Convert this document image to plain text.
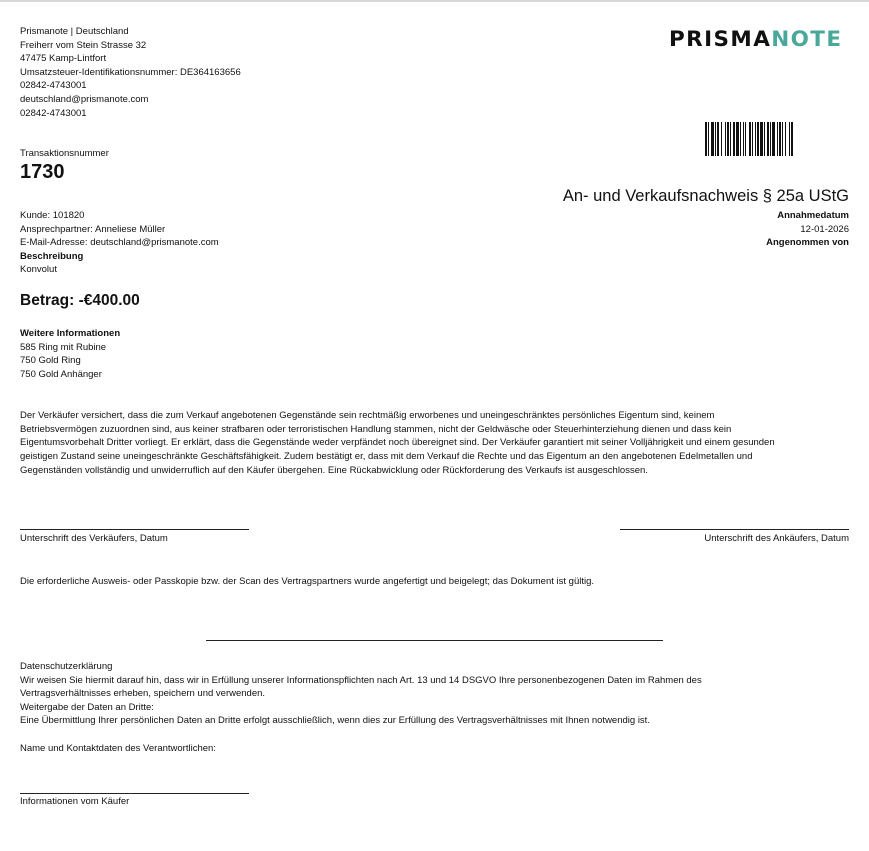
Prismanote | Deutschland
Freiherr vom Stein Strasse 32
47475 Kamp-Lintfort
Umsatzsteuer-Identifikationsnummer: DE364163656
02842-4743001
deutschland@prismanote.com
02842-4743001
PRISMANOTE
Transaktionsnummer
1730
An- und Verkaufsnachweis § 25a UStG
Annahmedatum
12-01-2026
Angenommen von
Kunde: 101820
Ansprechpartner: Anneliese Müller
E-Mail-Adresse: deutschland@prismanote.com
Beschreibung
Konvolut
Betrag: -€400.00
Weitere Informationen
585 Ring mit Rubine
750 Gold Ring
750 Gold Anhänger
Der Verkäufer versichert, dass die zum Verkauf angebotenen Gegenstände sein rechtmäßig erworbenes und uneingeschränktes persönliches Eigentum sind, keinem
Betriebsvermögen zuzuordnen sind, aus keiner strafbaren oder terroristischen Handlung stammen, nicht der Geldwäsche oder Steuerhinterziehung dienen und dass kein
Eigentumsvorbehalt Dritter vorliegt. Er erklärt, dass die Gegenstände weder verpfändet noch übereignet sind. Der Verkäufer garantiert mit seiner Volljährigkeit und einem gesunden
geistigen Zustand seine uneingeschränkte Geschäftsfähigkeit. Zudem bestätigt er, dass mit dem Verkauf die Rechte und das Eigentum an den angebotenen Edelmetallen und
Gegenständen vollständig und unwiderruflich auf den Käufer übergehen. Eine Rückabwicklung oder Rückforderung des Verkaufs ist ausgeschlossen.
Unterschrift des Verkäufers, Datum	Unterschrift des Ankäufers, Datum
Die erforderliche Ausweis- oder Passkopie bzw. der Scan des Vertragspartners wurde angefertigt und beigelegt; das Dokument ist gültig.
Datenschutzerklärung
Wir weisen Sie hiermit darauf hin, dass wir in Erfüllung unserer Informationspflichten nach Art. 13 und 14 DSGVO Ihre personenbezogenen Daten im Rahmen des
Vertragsverhältnisses erheben, speichern und verwenden.
Weitergabe der Daten an Dritte:
Eine Übermittlung Ihrer persönlichen Daten an Dritte erfolgt ausschließlich, wenn dies zur Erfüllung des Vertragsverhältnisses mit Ihnen notwendig ist.
Name und Kontaktdaten des Verantwortlichen:
Informationen vom Käufer
